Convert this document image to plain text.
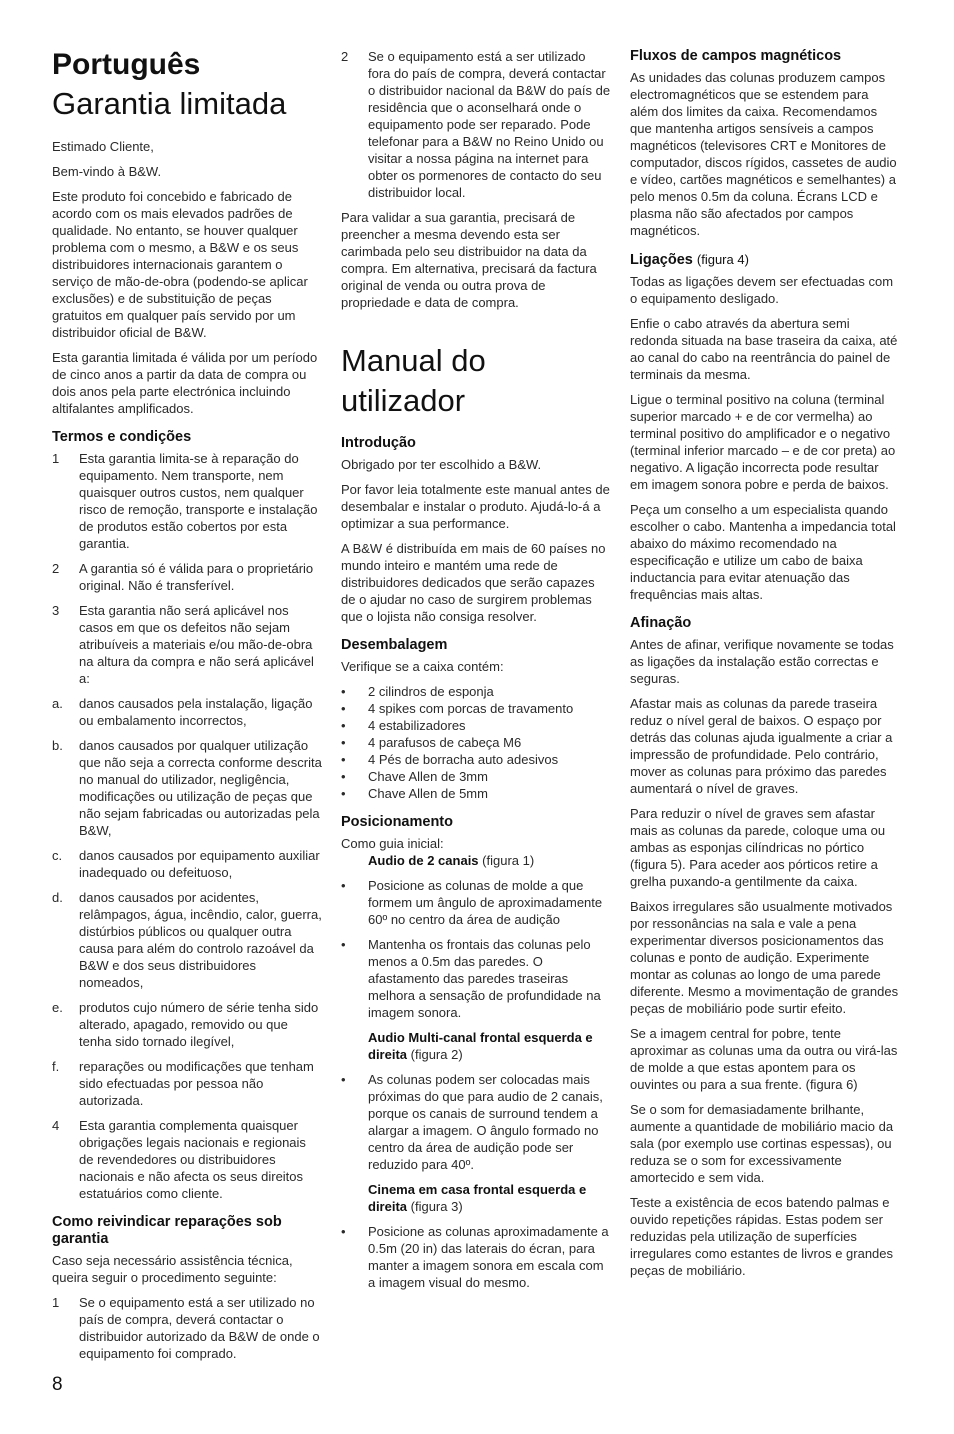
Português
Garantia limitada

Estimado Cliente,

Bem-vindo à B&W.

Este produto foi concebido e fabricado de acordo com os mais elevados padrões de qualidade. No entanto, se houver qualquer problema com o mesmo, a B&W e os seus distribuidores internacionais garantem o serviço de mão-de-obra (podendo-se aplicar exclusões) e de substituição de peças gratuitos em qualquer país servido por um distribuidor oficial de B&W.

Esta garantia limitada é válida por um período de cinco anos a partir da data de compra ou dois anos pela parte electrónica incluindo altifalantes amplificados.

Termos e condições
1	Esta garantia limita-se à reparação do equipamento. Nem transporte, nem quaisquer outros custos, nem qualquer risco de remoção, transporte e instalação de produtos estão cobertos por esta garantia.
2	A garantia só é válida para o proprietário original. Não é transferível.
3	Esta garantia não será aplicável nos casos em que os defeitos não sejam atribuíveis a materiais e/ou mão-de-obra na altura da compra e não será aplicável a:
a.	danos causados pela instalação, ligação ou embalamento incorrectos,
b.	danos causados por qualquer utilização que não seja a correcta conforme descrita no manual do utilizador, negligência, modificações ou utilização de peças que não sejam fabricadas ou autorizadas pela B&W,
c.	danos causados por equipamento auxiliar inadequado ou defeituoso,
d.	danos causados por acidentes, relâmpagos, água, incêndio, calor, guerra, distúrbios públicos ou qualquer outra causa para além do controlo razoável da B&W e dos seus distribuidores nomeados,
e.	produtos cujo número de série tenha sido alterado, apagado, removido ou que tenha sido tornado ilegível,
f.	reparações ou modificações que tenham sido efectuadas por pessoa não autorizada.
4	Esta garantia complementa quaisquer obrigações legais nacionais e regionais de revendedores ou distribuidores nacionais e não afecta os seus direitos estatuários como cliente.
Como reivindicar reparações sob garantia

Caso seja necessário assistência técnica, queira seguir o procedimento seguinte:

1	Se o equipamento está a ser utilizado no país de compra, deverá contactar o distribuidor autorizado da B&W de onde o equipamento foi comprado.
2	Se o equipamento está a ser utilizado fora do país de compra, deverá contactar o distribuidor nacional da B&W do país de residência que o aconselhará onde o equipamento pode ser reparado. Pode telefonar para a B&W no Reino Unido ou visitar a nossa página na internet para obter os pormenores de contacto do seu distribuidor local.

Para validar a sua garantia, precisará de preencher a mesma devendo esta ser carimbada pelo seu distribuidor na data da compra. Em alternativa, precisará da factura original de venda ou outra prova de propriedade e data de compra.

Manual do utilizador
Introdução

Obrigado por ter escolhido a B&W.

Por favor leia totalmente este manual antes de desembalar e instalar o produto. Ajudá-lo-á a optimizar a sua performance.

A B&W é distribuída em mais de 60 países no mundo inteiro e mantém uma rede de distribuidores dedicados que serão capazes de o ajudar no caso de surgirem problemas que o lojista não consiga resolver.

Desembalagem

Verifique se a caixa contém:

•	2 cilindros de esponja
•	4 spikes com porcas de travamento
•	4 estabilizadores
•	4 parafusos de cabeça M6
•	4 Pés de borracha auto adesivos
•	Chave Allen de 3mm
•	Chave Allen de 5mm
Posicionamento

Como guia inicial:

Audio de 2 canais (figura 1)

•	Posicione as colunas de molde a que formem um ângulo de aproximadamente 60º no centro da área de audição
•	Mantenha os frontais das colunas pelo menos a 0.5m das paredes. O afastamento das paredes traseiras melhora a sensação de profundidade na imagem sonora.

Audio Multi-canal frontal esquerda e direita (figura 2)

•	As colunas podem ser colocadas mais próximas do que para audio de 2 canais, porque os canais de surround tendem a alargar a imagem. O ângulo formado no centro da área de audição pode ser reduzido para 40º.

Cinema em casa frontal esquerda e direita (figura 3)

•	Posicione as colunas aproximadamente a 0.5m (20 in) das laterais do écran, para manter a imagem sonora em escala com a imagem visual do mesmo.
Fluxos de campos magnéticos

As unidades das colunas produzem campos electromagnéticos que se estendem para além dos limites da caixa. Recomendamos que mantenha artigos sensíveis a campos magnéticos (televisores CRT e Monitores de computador, discos rígidos, cassetes de audio e vídeo, cartões magnéticos e semelhantes) a pelo menos 0.5m da coluna. Écrans LCD e plasma não são afectados por campos magnéticos.

Ligações (figura 4)

Todas as ligações devem ser efectuadas com o equipamento desligado.

Enfie o cabo através da abertura semi redonda situada na base traseira da caixa, até ao canal do cabo na reentrância do painel de terminais da mesma.

Ligue o terminal positivo na coluna (terminal superior marcado + e de cor vermelha) ao terminal positivo do amplificador e o negativo (terminal inferior marcado – e de cor preta) ao negativo. A ligação incorrecta pode resultar em imagem sonora pobre e perda de baixos.

Peça um conselho a um especialista quando escolher o cabo. Mantenha a impedancia total abaixo do máximo recomendado na especificação e utilize um cabo de baixa inductancia para evitar atenuação das frequências mais altas.

Afinação

Antes de afinar, verifique novamente se todas as ligações da instalação estão correctas e seguras.

Afastar mais as colunas da parede traseira reduz o nível geral de baixos. O espaço por detrás das colunas ajuda igualmente a criar a impressão de profundidade. Pelo contrário, mover as colunas para próximo das paredes aumentará o nível de graves.

Para reduzir o nível de graves sem afastar mais as colunas da parede, coloque uma ou ambas as esponjas cilíndricas no pórtico (figura 5). Para aceder aos pórticos retire a grelha puxando-a gentilmente da caixa.

Baixos irregulares são usualmente motivados por ressonâncias na sala e vale a pena experimentar diversos posicionamentos das colunas e ponto de audição. Experimente montar as colunas ao longo de uma parede diferente. Mesmo a movimentação de grandes peças de mobiliário pode surtir efeito.

Se a imagem central for pobre, tente aproximar as colunas uma da outra ou virá-las de molde a que estas apontem para os ouvintes ou para a sua frente. (figura 6)

Se o som for demasiadamente brilhante, aumente a quantidade de mobiliário macio da sala (por exemplo use cortinas espessas), ou reduza se o som for excessivamente amortecido e sem vida.

Teste a existência de ecos batendo palmas e ouvido repetições rápidas. Estas podem ser reduzidas pela utilização de superfícies irregulares como estantes de livros e grandes peças de mobiliário.

8
